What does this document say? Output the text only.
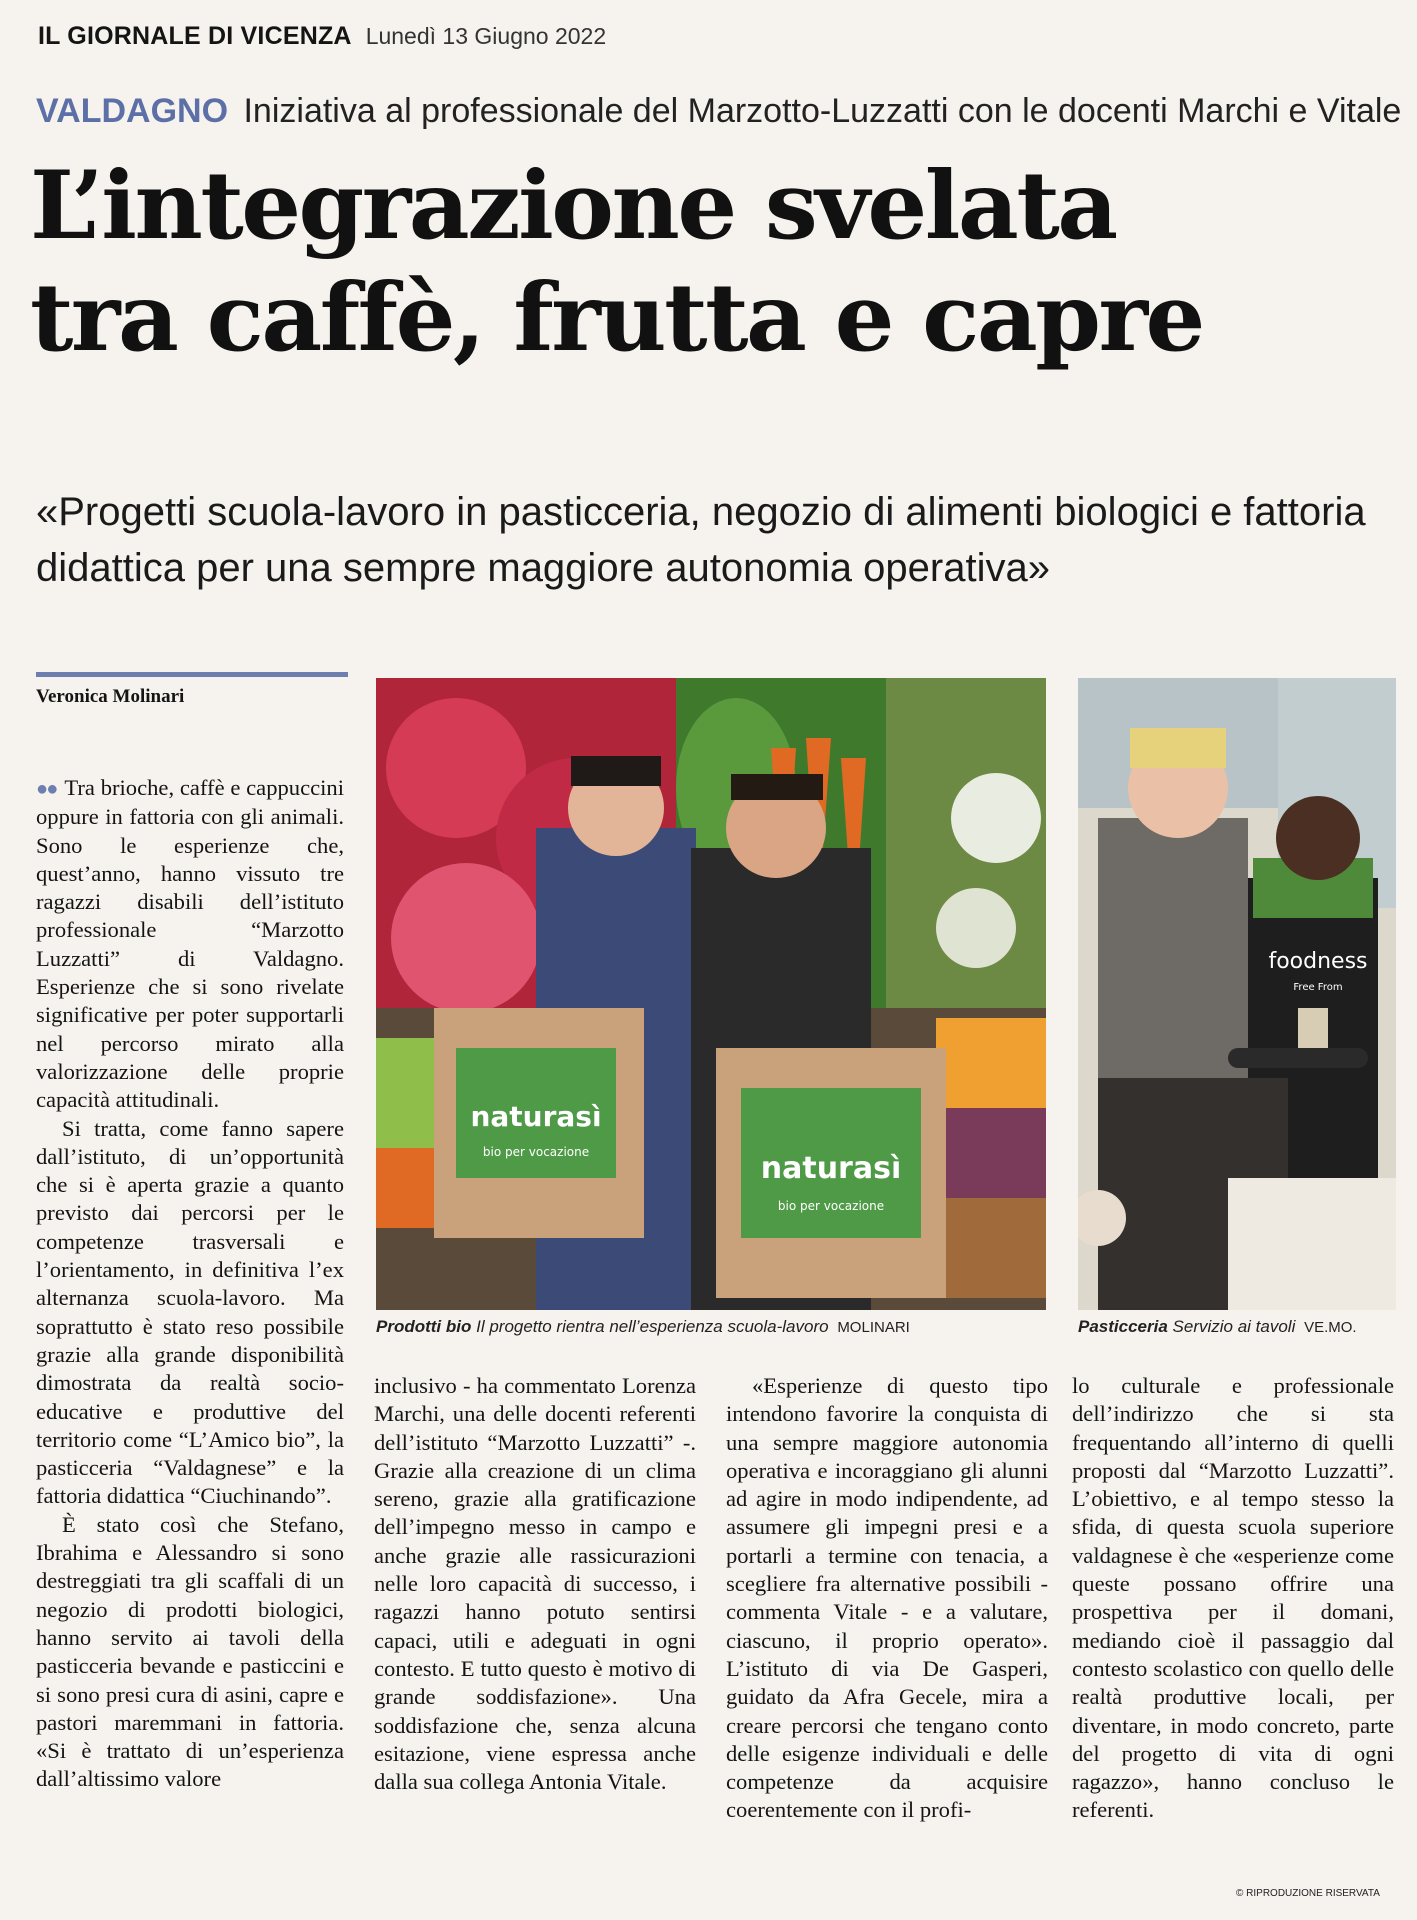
IL GIORNALE DI VICENZA Lunedì 13 Giugno 2022
VALDAGNO Iniziativa al professionale del Marzotto-Luzzatti con le docenti Marchi e Vitale
L’integrazione svelata
tra caffè, frutta e capre
«Progetti scuola-lavoro in pasticceria, negozio di alimenti biologici e fattoria didattica per una sempre maggiore autonomia operativa»
Veronica Molinari

●● Tra brioche, caffè e cappuccini oppure in fattoria con gli animali. Sono le esperienze che, quest’anno, hanno vissuto tre ragazzi disabili dell’istituto professionale “Marzotto Luzzatti” di Valdagno. Esperienze che si sono rivelate significative per poter supportarli nel percorso mirato alla valorizzazione delle proprie capacità attitudinali.

Si tratta, come fanno sapere dall’istituto, di un’opportunità che si è aperta grazie a quanto previsto dai percorsi per le competenze trasversali e l’orientamento, in definitiva l’ex alternanza scuola-lavoro. Ma soprattutto è stato reso possibile grazie alla grande disponibilità dimostrata da realtà socio-educative e produttive del territorio come “L’Amico bio”, la pasticceria “Valdagnese” e la fattoria didattica “Ciuchinando”.

È stato così che Stefano, Ibrahima e Alessandro si sono destreggiati tra gli scaffali di un negozio di prodotti biologici, hanno servito ai tavoli della pasticceria bevande e pasticcini e si sono presi cura di asini, capre e pastori maremmani in fattoria. «Si è trattato di un’esperienza dall’altissimo valore

naturasì
bio per vocazione	naturasì
bio per vocazione
foodness
Free From
Prodotti bio Il progetto rientra nell’esperienza scuola-lavoro MOLINARI	Pasticceria Servizio ai tavoli VE.MO.

inclusivo - ha commentato Lorenza Marchi, una delle docenti referenti dell’istituto “Marzotto Luzzatti” -. Grazie alla creazione di un clima sereno, grazie alla gratificazione dell’impegno messo in campo e anche grazie alle rassicurazioni nelle loro capacità di successo, i ragazzi hanno potuto sentirsi capaci, utili e adeguati in ogni contesto. E tutto questo è motivo di grande soddisfazione». Una soddisfazione che, senza alcuna esitazione, viene espressa anche dalla sua collega Antonia Vitale.

«Esperienze di questo tipo intendono favorire la conquista di una sempre maggiore autonomia operativa e incoraggiano gli alunni ad agire in modo indipendente, ad assumere gli impegni presi e a portarli a termine con tenacia, a scegliere fra alternative possibili - commenta Vitale - e a valutare, ciascuno, il proprio operato». L’istituto di via De Gasperi, guidato da Afra Gecele, mira a creare percorsi che tengano conto delle esigenze individuali e delle competenze da acquisire coerentemente con il profi-

lo culturale e professionale dell’indirizzo che si sta frequentando all’interno di quelli proposti dal “Marzotto Luzzatti”. L’obiettivo, e al tempo stesso la sfida, di questa scuola superiore valdagnese è che «esperienze come queste possano offrire una prospettiva per il domani, mediando cioè il passaggio dal contesto scolastico con quello delle realtà produttive locali, per diventare, in modo concreto, parte del progetto di vita di ogni ragazzo», hanno concluso le referenti.

© RIPRODUZIONE RISERVATA
